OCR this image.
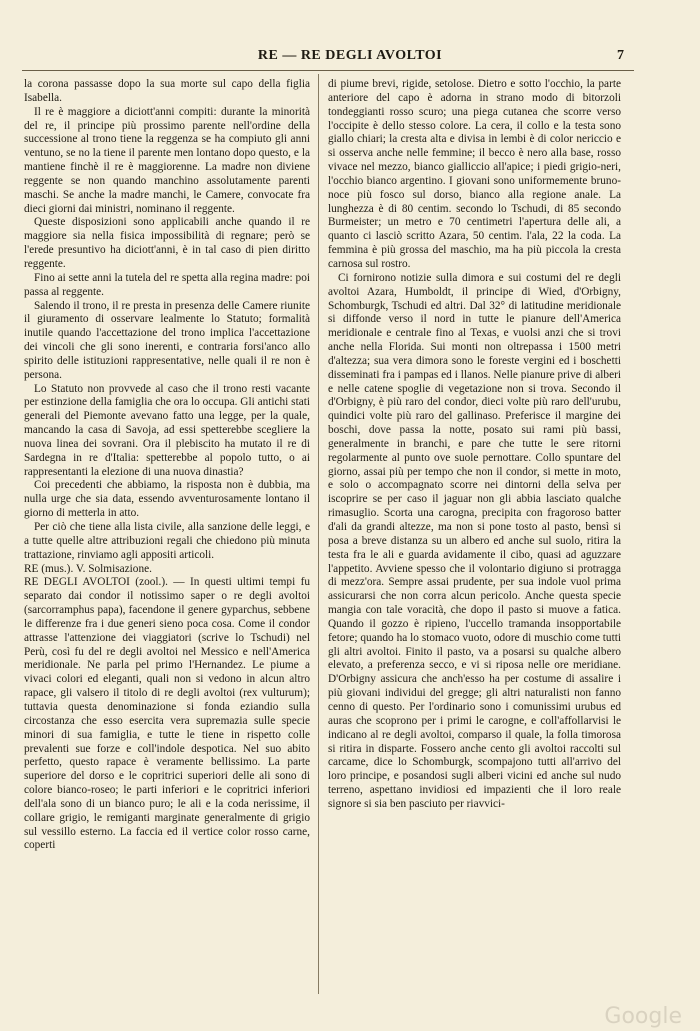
RE — RE DEGLI AVOLTOI	7

la corona passasse dopo la sua morte sul capo della figlia Isabella.

Il re è maggiore a diciott'anni compiti: durante la minorità del re, il principe più prossimo parente nell'ordine della successione al trono tiene la reggenza se ha compiuto gli anni ventuno, se no la tiene il parente men lontano dopo questo, e la mantiene finchè il re è maggiorenne. La madre non diviene reggente se non quando manchino assolutamente parenti maschi. Se anche la madre manchi, le Camere, convocate fra dieci giorni dai ministri, nominano il reggente.

Queste disposizioni sono applicabili anche quando il re maggiore sia nella fisica impossibilità di regnare; però se l'erede presuntivo ha diciott'anni, è in tal caso di pien diritto reggente.

Fino ai sette anni la tutela del re spetta alla regina madre: poi passa al reggente.

Salendo il trono, il re presta in presenza delle Camere riunite il giuramento di osservare lealmente lo Statuto; formalità inutile quando l'accettazione del trono implica l'accettazione dei vincoli che gli sono inerenti, e contraria forsi'anco allo spirito delle istituzioni rappresentative, nelle quali il re non è persona.

Lo Statuto non provvede al caso che il trono resti vacante per estinzione della famiglia che ora lo occupa. Gli antichi stati generali del Piemonte avevano fatto una legge, per la quale, mancando la casa di Savoja, ad essi spetterebbe scegliere la nuova linea dei sovrani. Ora il plebiscito ha mutato il re di Sardegna in re d'Italia: spetterebbe al popolo tutto, o ai rappresentanti la elezione di una nuova dinastia?

Coi precedenti che abbiamo, la risposta non è dubbia, ma nulla urge che sia data, essendo avventurosamente lontano il giorno di metterla in atto.

Per ciò che tiene alla lista civile, alla sanzione delle leggi, e a tutte quelle altre attribuzioni regali che chiedono più minuta trattazione, rinviamo agli appositi articoli.

RE (mus.). V. Solmisazione.

RE DEGLI AVOLTOI (zool.). — In questi ultimi tempi fu separato dai condor il notissimo saper o re degli avoltoi (sarcorramphus papa), facendone il genere gyparchus, sebbene le differenze fra i due generi sieno poca cosa. Come il condor attrasse l'attenzione dei viaggiatori (scrive lo Tschudi) nel Perù, così fu del re degli avoltoi nel Messico e nell'America meridionale. Ne parla pel primo l'Hernandez. Le piume a vivaci colori ed eleganti, quali non si vedono in alcun altro rapace, gli valsero il titolo di re degli avoltoi (rex vulturum); tuttavia questa denominazione si fonda eziandio sulla circostanza che esso esercita vera supremazia sulle specie minori di sua famiglia, e tutte le tiene in rispetto colle prevalenti sue forze e coll'indole despotica. Nel suo abito perfetto, questo rapace è veramente bellissimo. La parte superiore del dorso e le copritrici superiori delle ali sono di colore bianco-roseo; le parti inferiori e le copritrici inferiori dell'ala sono di un bianco puro; le ali e la coda nerissime, il collare grigio, le remiganti marginate generalmente di grigio sul vessillo esterno. La faccia ed il vertice color rosso carne, coperti

di piume brevi, rigide, setolose. Dietro e sotto l'occhio, la parte anteriore del capo è adorna in strano modo di bitorzoli tondeggianti rosso scuro; una piega cutanea che scorre verso l'occipite è dello stesso colore. La cera, il collo e la testa sono giallo chiari; la cresta alta e divisa in lembi è di color nericcio e si osserva anche nelle femmine; il becco è nero alla base, rosso vivace nel mezzo, bianco gialliccio all'apice; i piedi grigio-neri, l'occhio bianco argentino. I giovani sono uniformemente bruno-noce più fosco sul dorso, bianco alla regione anale. La lunghezza è di 80 centim. secondo lo Tschudi, di 85 secondo Burmeister; un metro e 70 centimetri l'apertura delle ali, a quanto ci lasciò scritto Azara, 50 centim. l'ala, 22 la coda. La femmina è più grossa del maschio, ma ha più piccola la cresta carnosa sul rostro.

Ci fornirono notizie sulla dimora e sui costumi del re degli avoltoi Azara, Humboldt, il principe di Wied, d'Orbigny, Schomburgk, Tschudi ed altri. Dal 32° di latitudine meridionale si diffonde verso il nord in tutte le pianure dell'America meridionale e centrale fino al Texas, e vuolsi anzi che si trovi anche nella Florida. Sui monti non oltrepassa i 1500 metri d'altezza; sua vera dimora sono le foreste vergini ed i boschetti disseminati fra i pampas ed i llanos. Nelle pianure prive di alberi e nelle catene spoglie di vegetazione non si trova. Secondo il d'Orbigny, è più raro del condor, dieci volte più raro dell'urubu, quindici volte più raro del gallinaso. Preferisce il margine dei boschi, dove passa la notte, posato sui rami più bassi, generalmente in branchi, e pare che tutte le sere ritorni regolarmente al punto ove suole pernottare. Collo spuntare del giorno, assai più per tempo che non il condor, si mette in moto, e solo o accompagnato scorre nei dintorni della selva per iscoprire se per caso il jaguar non gli abbia lasciato qualche rimasuglio. Scorta una carogna, precipita con fragoroso batter d'ali da grandi altezze, ma non si pone tosto al pasto, bensì si posa a breve distanza su un albero ed anche sul suolo, ritira la testa fra le ali e guarda avidamente il cibo, quasi ad aguzzare l'appetito. Avviene spesso che il volontario digiuno si protragga di mezz'ora. Sempre assai prudente, per sua indole vuol prima assicurarsi che non corra alcun pericolo. Anche questa specie mangia con tale voracità, che dopo il pasto si muove a fatica. Quando il gozzo è ripieno, l'uccello tramanda insopportabile fetore; quando ha lo stomaco vuoto, odore di muschio come tutti gli altri avoltoi. Finito il pasto, va a posarsi su qualche albero elevato, a preferenza secco, e vi si riposa nelle ore meridiane. D'Orbigny assicura che anch'esso ha per costume di assalire i più giovani individui del gregge; gli altri naturalisti non fanno cenno di questo. Per l'ordinario sono i comunissimi urubus ed auras che scoprono per i primi le carogne, e coll'affollarvisi le indicano al re degli avoltoi, comparso il quale, la folla timorosa si ritira in disparte. Fossero anche cento gli avoltoi raccolti sul carcame, dice lo Schomburgk, scompajono tutti all'arrivo del loro principe, e posandosi sugli alberi vicini ed anche sul nudo terreno, aspettano invidiosi ed impazienti che il loro reale signore si sia ben pasciuto per riavvici-

Google
